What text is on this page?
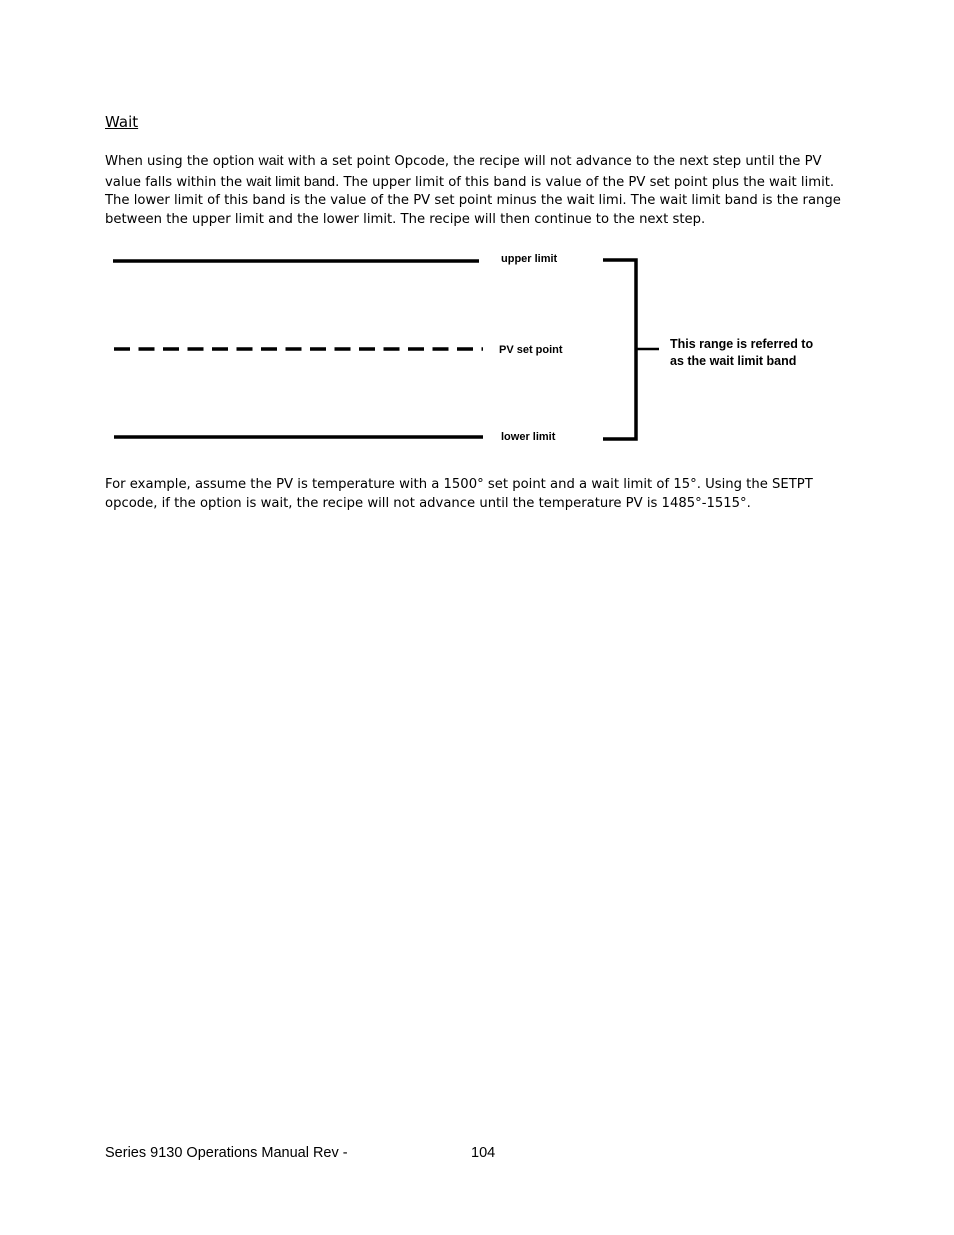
Wait

When using the option wait with a set point Opcode, the recipe will not advance to the next step until the PV value falls within the wait limit band. The upper limit of this band is value of the PV set point plus the wait limit. The lower limit of this band is the value of the PV set point minus the wait limi. The wait limit band is the range between the upper limit and the lower limit. The recipe will then continue to the next step.

upper limit
PV set point
lower limit
This range is referred to
as the wait limit band

For example, assume the PV is temperature with a 1500° set point and a wait limit of 15°. Using the SETPT opcode, if the option is wait, the recipe will not advance until the temperature PV is 1485°-1515°.

Series 9130 Operations Manual Rev -	104
